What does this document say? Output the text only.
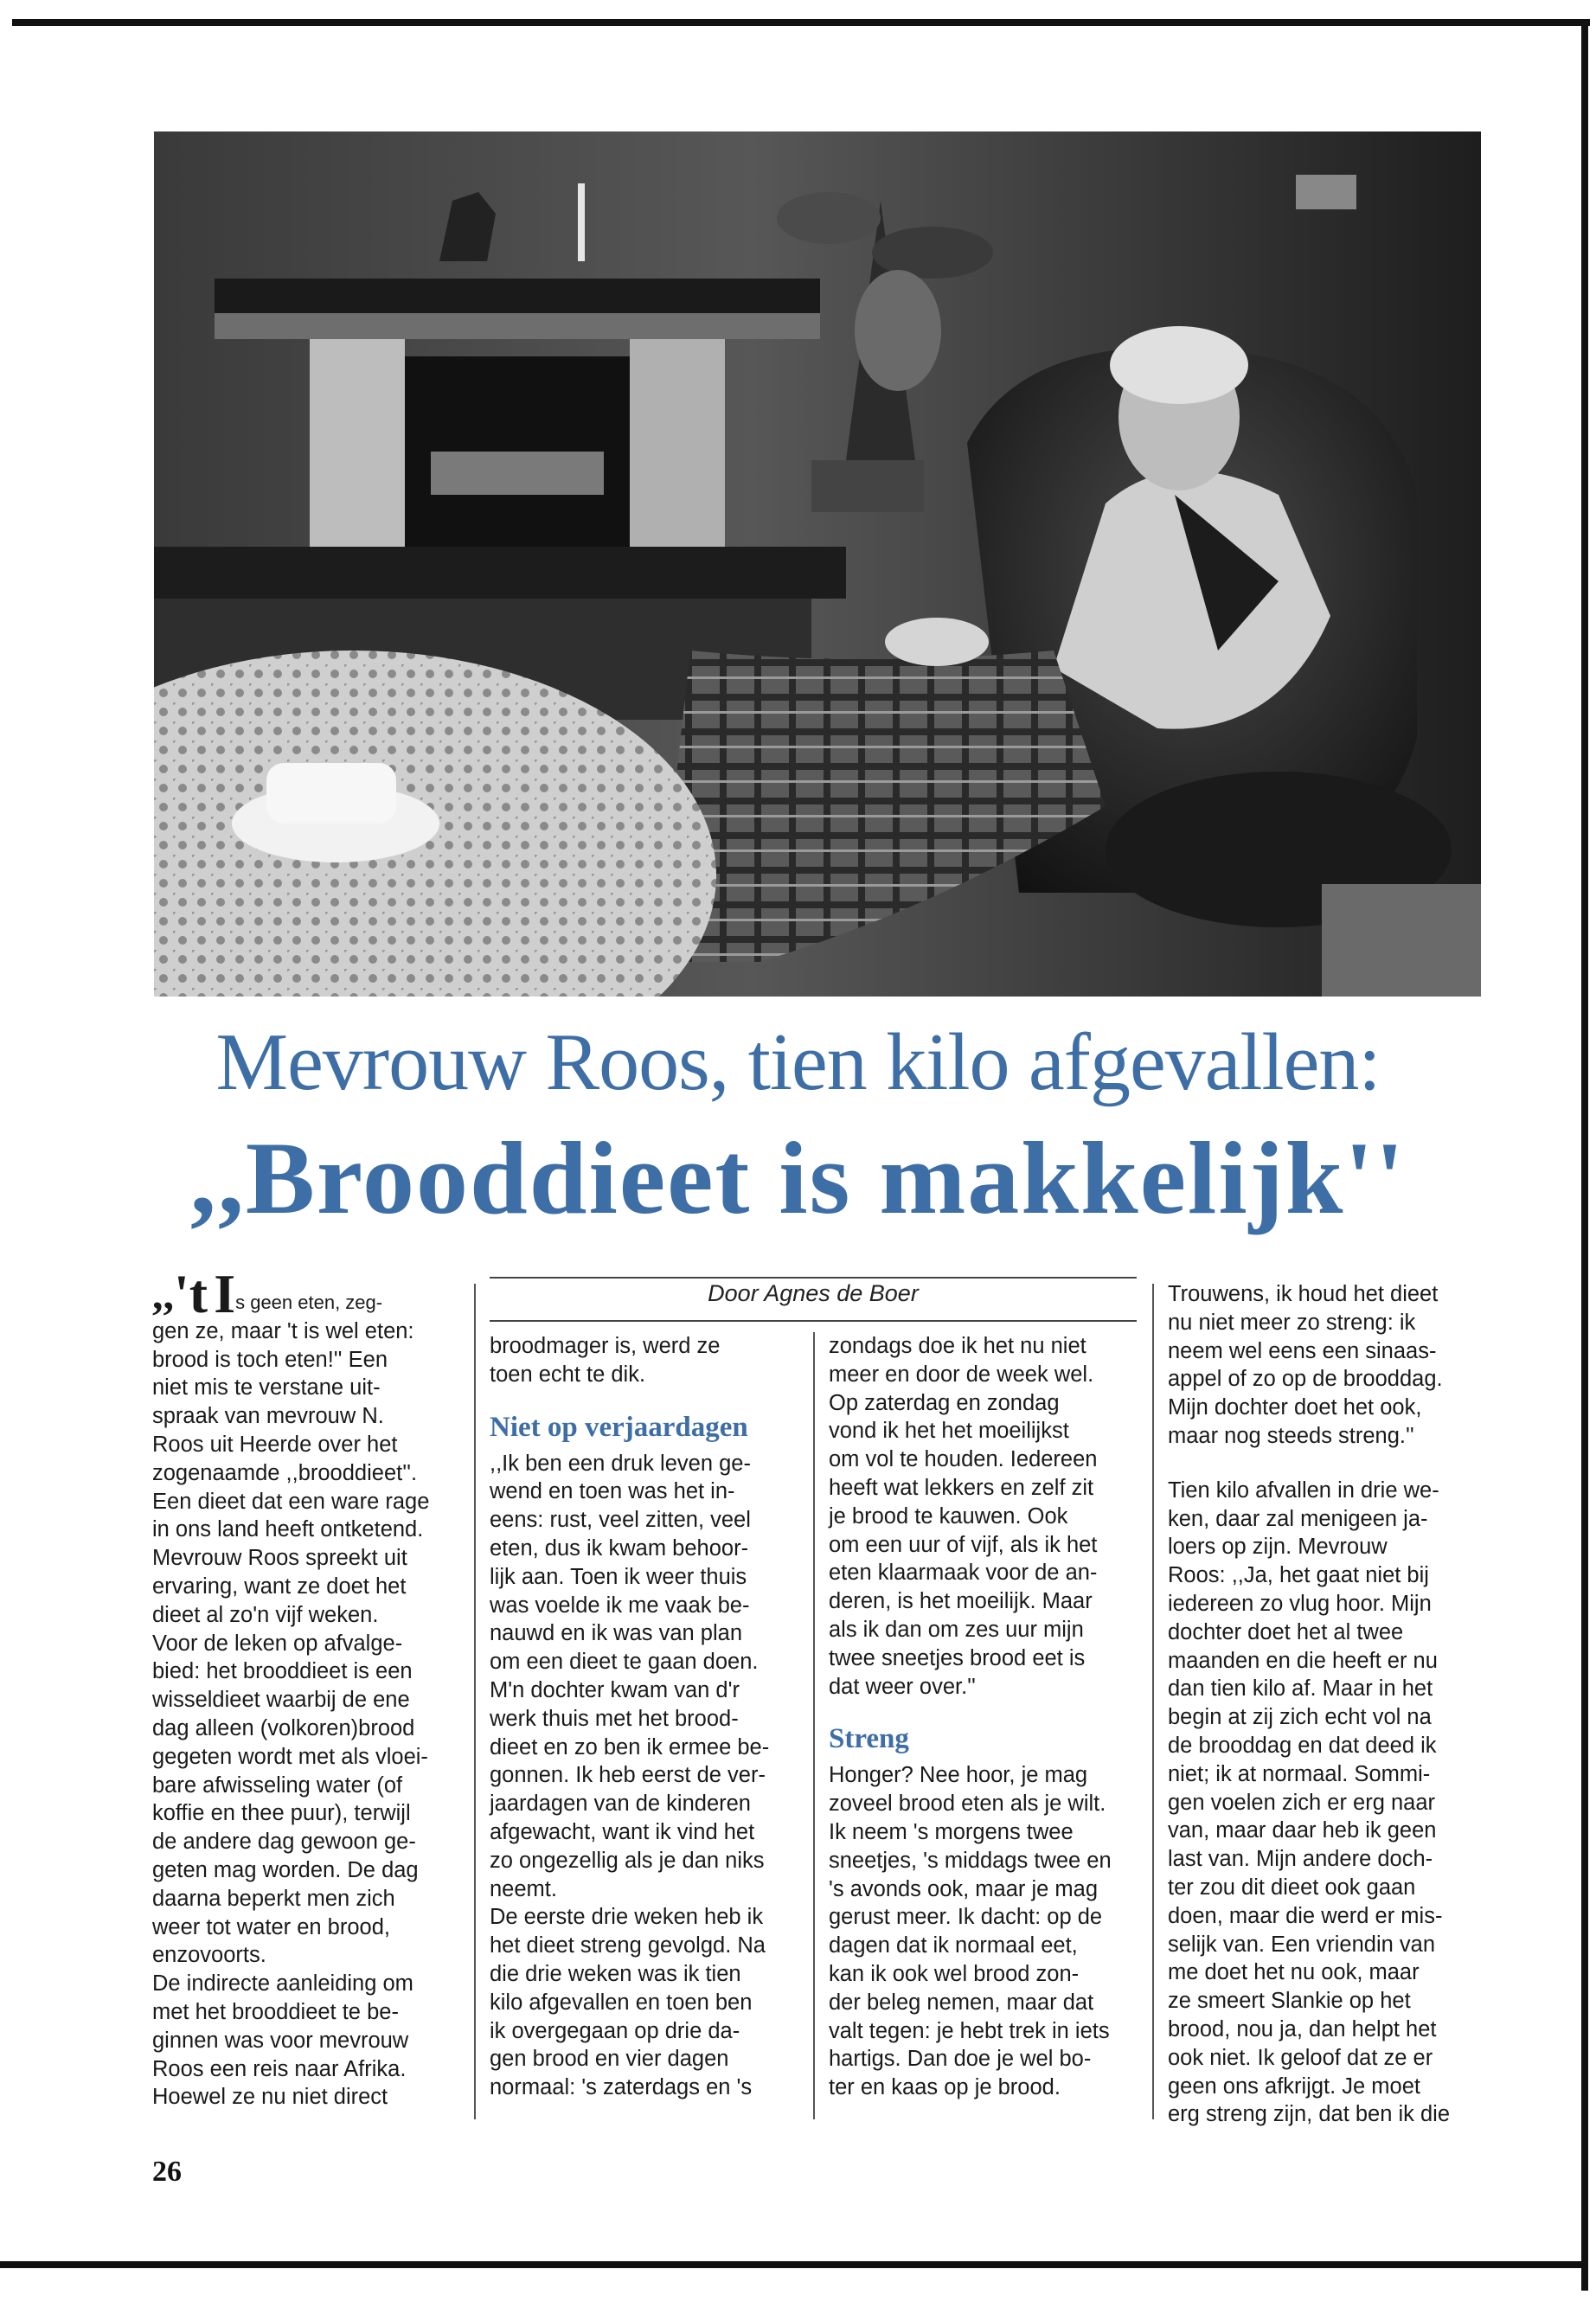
Mevrouw Roos, tien kilo afgevallen:
,,Brooddieet is makkelijk''
Door Agnes de Boer

,,'t Is geen eten, zeg-

gen ze, maar 't is wel eten:

brood is toch eten!'' Een

niet mis te verstane uit-

spraak van mevrouw N.

Roos uit Heerde over het

zogenaamde ,,brooddieet''.

Een dieet dat een ware rage

in ons land heeft ontketend.

Mevrouw Roos spreekt uit

ervaring, want ze doet het

dieet al zo'n vijf weken.

Voor de leken op afvalge-

bied: het brooddieet is een

wisseldieet waarbij de ene

dag alleen (volkoren)brood

gegeten wordt met als vloei-

bare afwisseling water (of

koffie en thee puur), terwijl

de andere dag gewoon ge-

geten mag worden. De dag

daarna beperkt men zich

weer tot water en brood,

enzovoorts.

De indirecte aanleiding om

met het brooddieet te be-

ginnen was voor mevrouw

Roos een reis naar Afrika.

Hoewel ze nu niet direct

broodmager is, werd ze

toen echt te dik.

Niet op verjaardagen

,,Ik ben een druk leven ge-

wend en toen was het in-

eens: rust, veel zitten, veel

eten, dus ik kwam behoor-

lijk aan. Toen ik weer thuis

was voelde ik me vaak be-

nauwd en ik was van plan

om een dieet te gaan doen.

M'n dochter kwam van d'r

werk thuis met het brood-

dieet en zo ben ik ermee be-

gonnen. Ik heb eerst de ver-

jaardagen van de kinderen

afgewacht, want ik vind het

zo ongezellig als je dan niks

neemt.

De eerste drie weken heb ik

het dieet streng gevolgd. Na

die drie weken was ik tien

kilo afgevallen en toen ben

ik overgegaan op drie da-

gen brood en vier dagen

normaal: 's zaterdags en 's

zondags doe ik het nu niet

meer en door de week wel.

Op zaterdag en zondag

vond ik het het moeilijkst

om vol te houden. Iedereen

heeft wat lekkers en zelf zit

je brood te kauwen. Ook

om een uur of vijf, als ik het

eten klaarmaak voor de an-

deren, is het moeilijk. Maar

als ik dan om zes uur mijn

twee sneetjes brood eet is

dat weer over.''

Streng

Honger? Nee hoor, je mag

zoveel brood eten als je wilt.

Ik neem 's morgens twee

sneetjes, 's middags twee en

's avonds ook, maar je mag

gerust meer. Ik dacht: op de

dagen dat ik normaal eet,

kan ik ook wel brood zon-

der beleg nemen, maar dat

valt tegen: je hebt trek in iets

hartigs. Dan doe je wel bo-

ter en kaas op je brood.

Trouwens, ik houd het dieet

nu niet meer zo streng: ik

neem wel eens een sinaas-

appel of zo op de brooddag.

Mijn dochter doet het ook,

maar nog steeds streng.''

Tien kilo afvallen in drie we-

ken, daar zal menigeen ja-

loers op zijn. Mevrouw

Roos: ,,Ja, het gaat niet bij

iedereen zo vlug hoor. Mijn

dochter doet het al twee

maanden en die heeft er nu

dan tien kilo af. Maar in het

begin at zij zich echt vol na

de brooddag en dat deed ik

niet; ik at normaal. Sommi-

gen voelen zich er erg naar

van, maar daar heb ik geen

last van. Mijn andere doch-

ter zou dit dieet ook gaan

doen, maar die werd er mis-

selijk van. Een vriendin van

me doet het nu ook, maar

ze smeert Slankie op het

brood, nou ja, dan helpt het

ook niet. Ik geloof dat ze er

geen ons afkrijgt. Je moet

erg streng zijn, dat ben ik die

26
